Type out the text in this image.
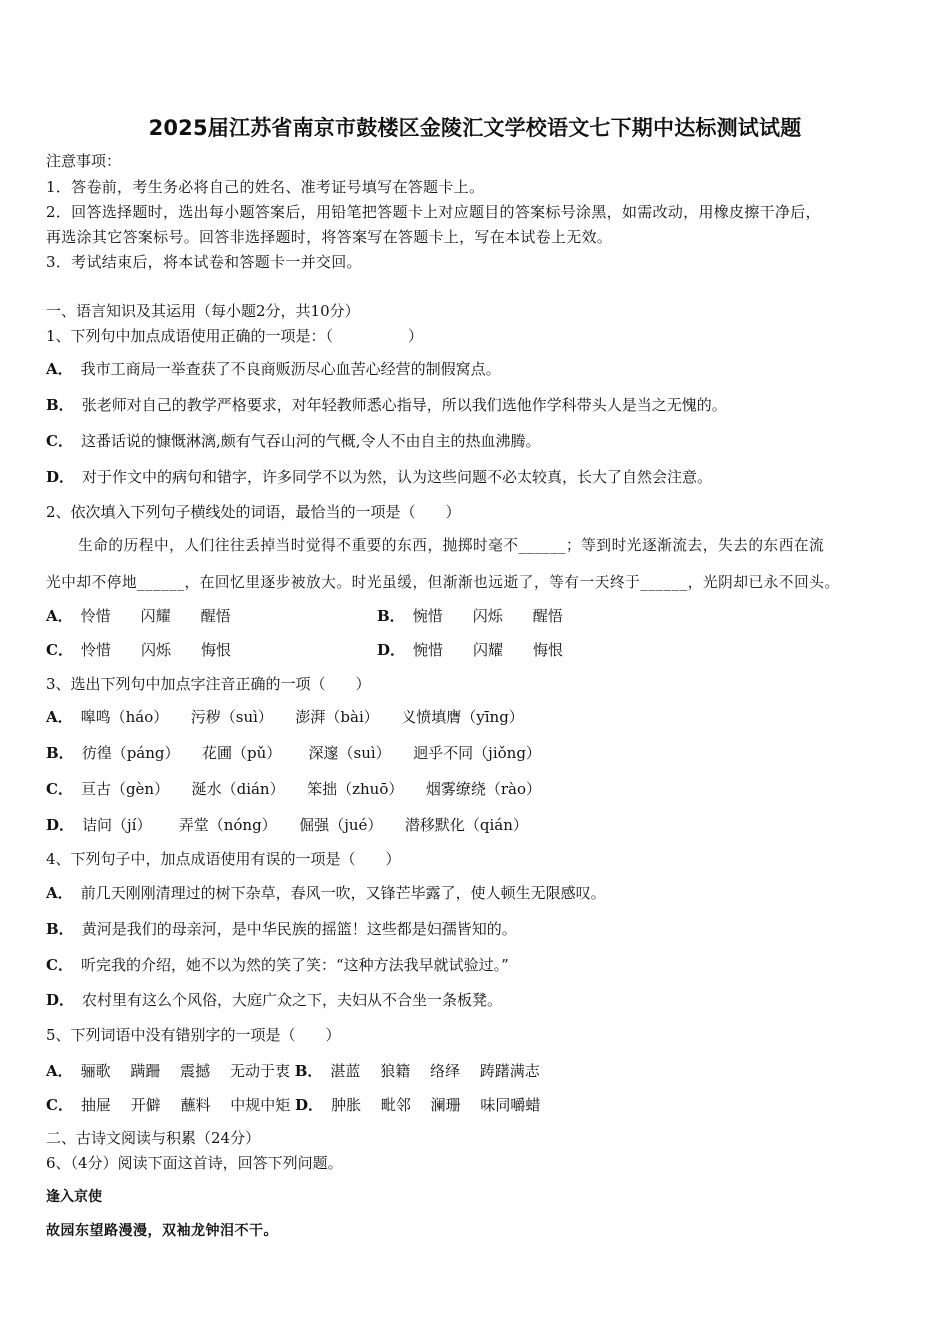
2025届江苏省南京市鼓楼区金陵汇文学校语文七下期中达标测试试题
注意事项：
1．答卷前，考生务必将自己的姓名、准考证号填写在答题卡上。
2．回答选择题时，选出每小题答案后，用铅笔把答题卡上对应题目的答案标号涂黑，如需改动，用橡皮擦干净后，
再选涂其它答案标号。回答非选择题时，将答案写在答题卡上，写在本试卷上无效。
3．考试结束后，将本试卷和答题卡一并交回。
一、语言知识及其运用（每小题2分，共10分）
1、下列句中加点成语使用正确的一项是：（　　　　　）
A． 我市工商局一举查获了不良商贩沥尽心血苦心经营的制假窝点。
B． 张老师对自己的教学严格要求，对年轻教师悉心指导，所以我们选他作学科带头人是当之无愧的。
C． 这番话说的慷慨淋漓,颇有气吞山河的气概,令人不由自主的热血沸腾。
D． 对于作文中的病句和错字，许多同学不以为然，认为这些问题不必太较真，长大了自然会注意。
2、依次填入下列句子横线处的词语，最恰当的一项是（　　）
生命的历程中，人们往往丢掉当时觉得不重要的东西，抛掷时毫不______；等到时光逐渐流去，失去的东西在流
光中却不停地______，在回忆里逐步被放大。时光虽缓，但渐渐也远逝了，等有一天终于______，光阴却已永不回头。
A． 怜惜　　闪耀　　醒悟	B． 惋惜　　闪烁　　醒悟
C． 怜惜　　闪烁　　悔恨	D． 惋惜　　闪耀　　悔恨
3、选出下列句中加点字注音正确的一项（　　）
A． 嗥鸣（háo）　　污秽（suì）　　澎湃（bài）　　义愤填膺（yīng）
B． 彷徨（páng）　　花圃（pǔ）　　 深邃（suì）　　迥乎不同（jiǒng）
C． 亘古（gèn）　　涎水（dián）　　笨拙（zhuō）　　烟雾缭绕（rào）
D． 诘问（jí）　　 弄堂（nóng）　　倔强（jué）　　潜移默化（qián）
4、下列句子中，加点成语使用有误的一项是（　　）
A． 前几天刚刚清理过的树下杂草，春风一吹，又锋芒毕露了，使人顿生无限感叹。
B． 黄河是我们的母亲河，是中华民族的摇篮！这些都是妇孺皆知的。
C． 听完我的介绍，她不以为然的笑了笑：“这种方法我早就试验过。”
D． 农村里有这么个风俗，大庭广众之下，夫妇从不合坐一条板凳。
5、下列词语中没有错别字的一项是（　　）
A． 骊歌　 蹒跚　 震撼　 无动于衷 B． 湛蓝　 狼籍　 络绎　 踌躇满志
C． 抽屉　 开僻　 蘸料　 中规中矩 D． 肿胀　 毗邻　 澜珊　 味同嚼蜡
二、古诗文阅读与积累（24分）
6、（4分）阅读下面这首诗，回答下列问题。
逢入京使
故园东望路漫漫，双袖龙钟泪不干。
